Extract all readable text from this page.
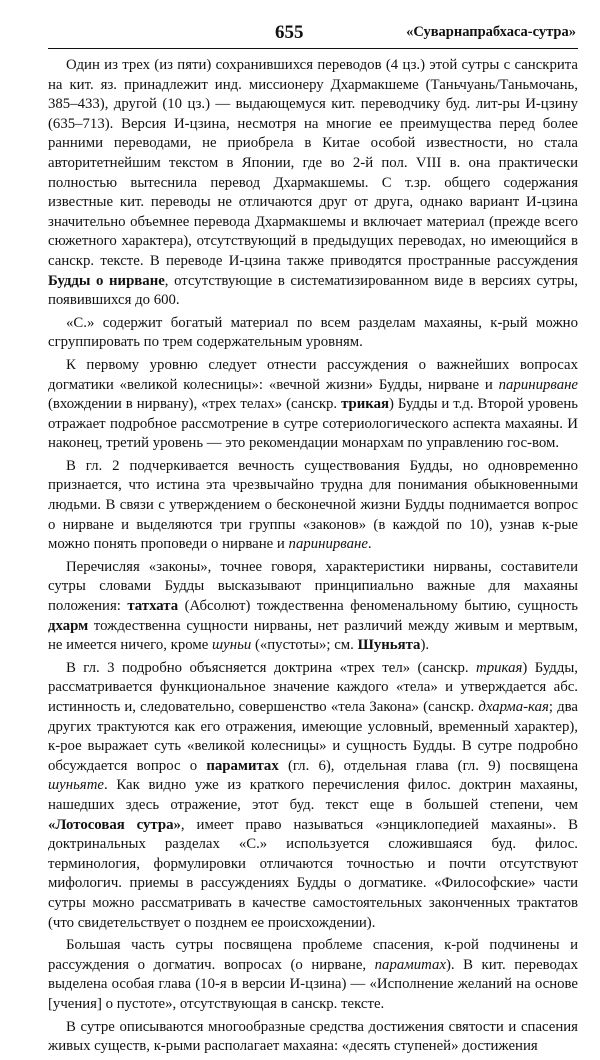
655	«Суварнапрабхаса-сутра»

Один из трех (из пяти) сохранившихся переводов (4 цз.) этой сутры с санскрита на кит. яз. принадлежит инд. миссионеру Дхармакшеме (Таньчуань/Таньмочань, 385–433), другой (10 цз.) — выдающемуся кит. переводчику буд. лит-ры И-цзину (635–713). Версия И-цзина, несмотря на многие ее преимущества перед более ранними переводами, не приобрела в Китае особой известности, но стала авторитетнейшим текстом в Японии, где во 2-й пол. VIII в. она практически полностью вытеснила перевод Дхармакшемы. С т.зр. общего содержания известные кит. переводы не отличаются друг от друга, однако вариант И-цзина значительно объемнее перевода Дхармакшемы и включает материал (прежде всего сюжетного характера), отсутствующий в предыдущих переводах, но имеющийся в санскр. тексте. В переводе И-цзина также приводятся пространные рассуждения Будды о нирване, отсутствующие в систематизированном виде в версиях сутры, появившихся до 600.

«С.» содержит богатый материал по всем разделам махаяны, к-рый можно сгруппировать по трем содержательным уровням.

К первому уровню следует отнести рассуждения о важнейших вопросах догматики «великой колесницы»: «вечной жизни» Будды, нирване и паринирване (вхождении в нирвану), «трех телах» (санскр. трикая) Будды и т.д. Второй уровень отражает подробное рассмотрение в сутре сотериологического аспекта махаяны. И наконец, третий уровень — это рекомендации монархам по управлению гос-вом.

В гл. 2 подчеркивается вечность существования Будды, но одновременно признается, что истина эта чрезвычайно трудна для понимания обыкновенными людьми. В связи с утверждением о бесконечной жизни Будды поднимается вопрос о нирване и выделяются три группы «законов» (в каждой по 10), узнав к-рые можно понять проповеди о нирване и паринирване.

Перечисляя «законы», точнее говоря, характеристики нирваны, составители сутры словами Будды высказывают принципиально важные для махаяны положения: татхата (Абсолют) тождественна феноменальному бытию, сущность дхарм тождественна сущности нирваны, нет различий между живым и мертвым, не имеется ничего, кроме шуньи («пустоты»; см. Шуньята).

В гл. 3 подробно объясняется доктрина «трех тел» (санскр. трикая) Будды, рассматривается функциональное значение каждого «тела» и утверждается абс. истинность и, следовательно, совершенство «тела Закона» (санскр. дхарма-кая; два других трактуются как его отражения, имеющие условный, временный характер), к-рое выражает суть «великой колесницы» и сущность Будды. В сутре подробно обсуждается вопрос о парамитах (гл. 6), отдельная глава (гл. 9) посвящена шуньяте. Как видно уже из краткого перечисления филос. доктрин махаяны, нашедших здесь отражение, этот буд. текст еще в большей степени, чем «Лотосовая сутра», имеет право называться «энциклопедией махаяны». В доктринальных разделах «С.» используется сложившаяся буд. филос. терминология, формулировки отличаются точностью и почти отсутствуют мифологич. приемы в рассуждениях Будды о догматике. «Философские» части сутры можно рассматривать в качестве самостоятельных законченных трактатов (что свидетельствует о позднем ее происхождении).

Большая часть сутры посвящена проблеме спасения, к-рой подчинены и рассуждения о догматич. вопросах (о нирване, парамитах). В кит. переводах выделена особая глава (10-я в версии И-цзина) — «Исполнение желаний на основе [учения] о пустоте», отсутствующая в санскр. тексте.

В сутре описываются многообразные средства достижения святости и спасения живых существ, к-рыми располагает махаяна: «десять ступеней» достижения
